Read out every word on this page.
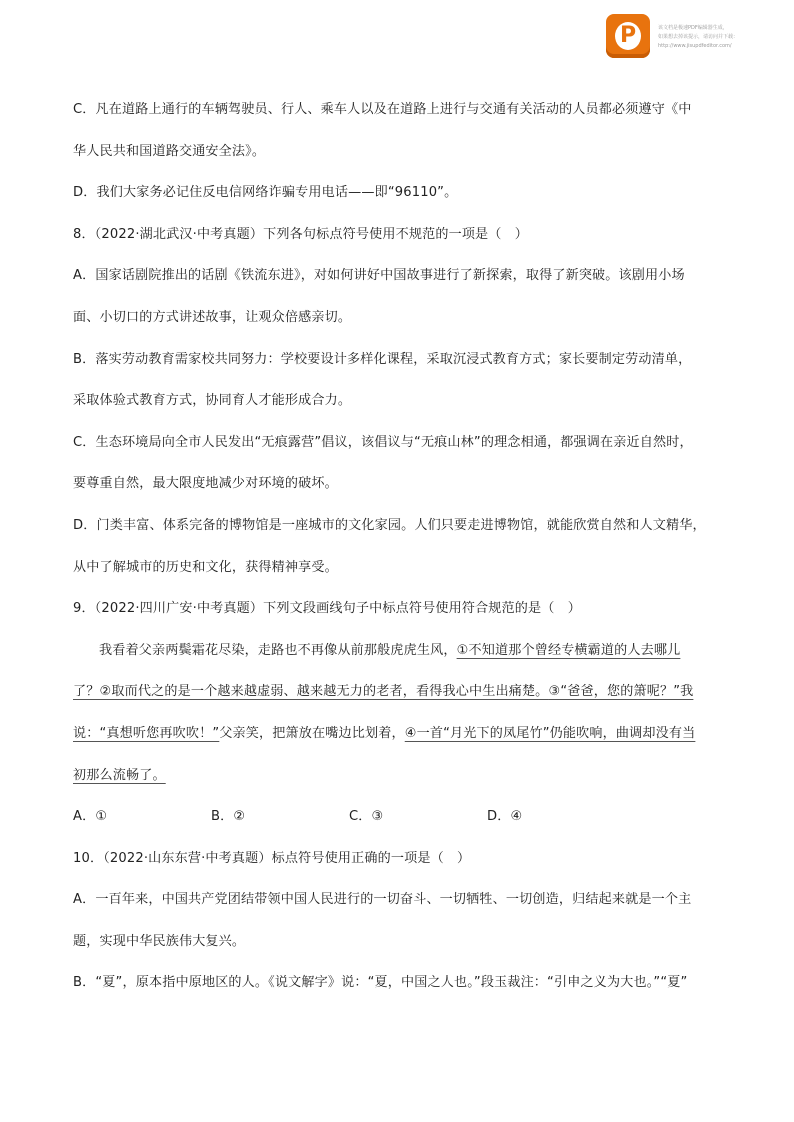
P	该文档是极速PDF编辑器生成，
如果想去掉该提示，请访问并下载：
http://www.jisupdfeditor.com/
C．凡在道路上通行的车辆驾驶员、行人、乘车人以及在道路上进行与交通有关活动的人员都必须遵守《中
华人民共和国道路交通安全法》。
D．我们大家务必记住反电信网络诈骗专用电话——即“96110”。
8．（2022·湖北武汉·中考真题）下列各句标点符号使用不规范的一项是（　）
A．国家话剧院推出的话剧《铁流东进》，对如何讲好中国故事进行了新探索，取得了新突破。该剧用小场
面、小切口的方式讲述故事，让观众倍感亲切。
B．落实劳动教育需家校共同努力：学校要设计多样化课程，采取沉浸式教育方式；家长要制定劳动清单，
采取体验式教育方式，协同育人才能形成合力。
C．生态环境局向全市人民发出“无痕露营”倡议，该倡议与“无痕山林”的理念相通，都强调在亲近自然时，
要尊重自然，最大限度地减少对环境的破坏。
D．门类丰富、体系完备的博物馆是一座城市的文化家园。人们只要走进博物馆，就能欣赏自然和人文精华，
从中了解城市的历史和文化，获得精神享受。
9．（2022·四川广安·中考真题）下列文段画线句子中标点符号使用符合规范的是（　）
我看着父亲两鬓霜花尽染，走路也不再像从前那般虎虎生风，①不知道那个曾经专横霸道的人去哪儿
了？②取而代之的是一个越来越虚弱、越来越无力的老者，看得我心中生出痛楚。③“爸爸，您的箫呢？”我
说：“真想听您再吹吹！”父亲笑，把箫放在嘴边比划着，④一首“月光下的凤尾竹”仍能吹响，曲调却没有当
初那么流畅了。
A．①	B．②	C．③	D．④
10．（2022·山东东营·中考真题）标点符号使用正确的一项是（　）
A．一百年来，中国共产党团结带领中国人民进行的一切奋斗、一切牺牲、一切创造，归结起来就是一个主
题，实现中华民族伟大复兴。
B．“夏”，原本指中原地区的人。《说文解字》说：“夏，中国之人也。”段玉裁注：“引申之义为大也。”“夏”
